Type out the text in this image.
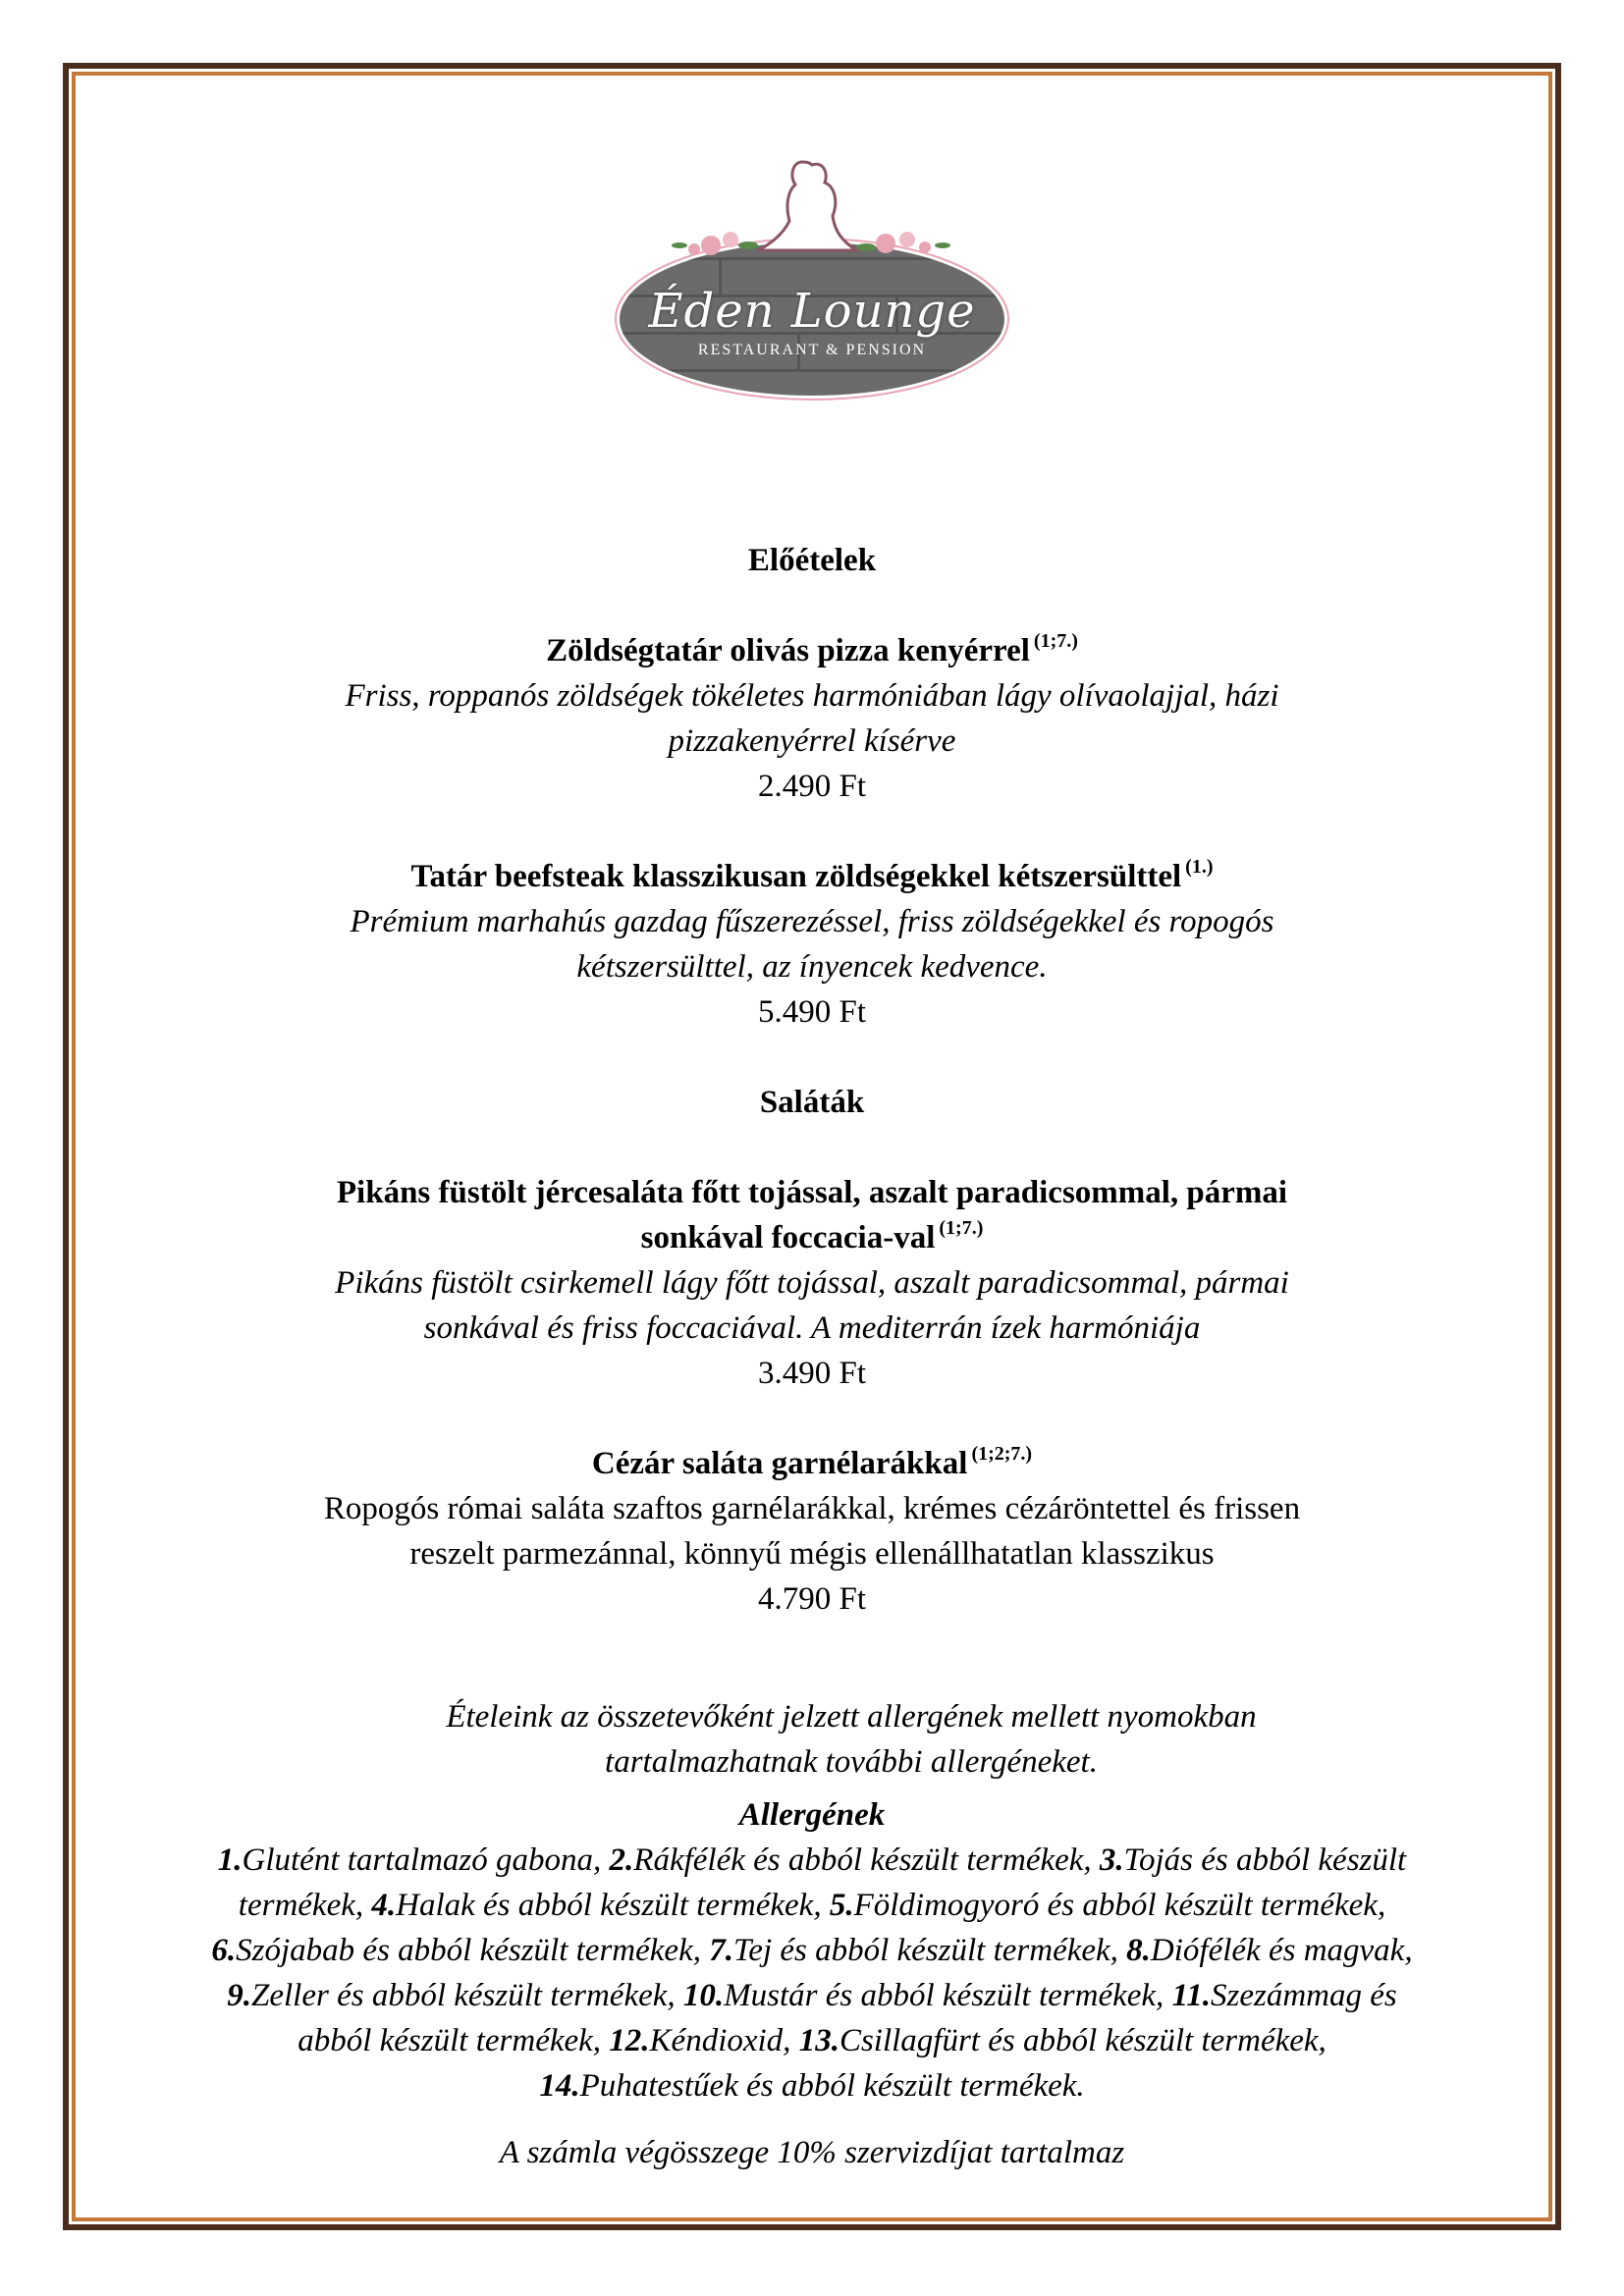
Éden Lounge
RESTAURANT & PENSION
Előételek
Zöldségtatár olivás pizza kenyérrel $^{(1;7.)}$
Friss, roppanós zöldségek tökéletes harmóniában lágy olívaolajjal, házi
pizzakenyérrel kísérve
2.490 Ft
Tatár beefsteak klasszikusan zöldségekkel kétszersülttel $^{(1.)}$
Prémium marhahús gazdag fűszerezéssel, friss zöldségekkel és ropogós
kétszersülttel, az ínyencek kedvence.
5.490 Ft
Saláták
Pikáns füstölt jércesaláta főtt tojással, aszalt paradicsommal, pármai
sonkával foccacia-val $^{(1;7.)}$
Pikáns füstölt csirkemell lágy főtt tojással, aszalt paradicsommal, pármai
sonkával és friss foccaciával. A mediterrán ízek harmóniája
3.490 Ft
Cézár saláta garnélarákkal $^{(1;2;7.)}$
Ropogós római saláta szaftos garnélarákkal, krémes cézáröntettel és frissen
reszelt parmezánnal, könnyű mégis ellenállhatatlan klasszikus
4.790 Ft
Ételeink az összetevőként jelzett allergének mellett nyomokban
tartalmazhatnak további allergéneket.
Allergének
1.Glutént tartalmazó gabona, 2.Rákfélék és abból készült termékek, 3.Tojás és abból készült termékek, 4.Halak és abból készült termékek, 5.Földimogyoró és abból készült termékek, 6.Szójabab és abból készült termékek, 7.Tej és abból készült termékek, 8.Diófélék és magvak, 9.Zeller és abból készült termékek, 10.Mustár és abból készült termékek, 11.Szezámmag és abból készült termékek, 12.Kéndioxid, 13.Csillagfürt és abból készült termékek, 14.Puhatestűek és abból készült termékek.
A számla végösszege 10% szervizdíjat tartalmaz
